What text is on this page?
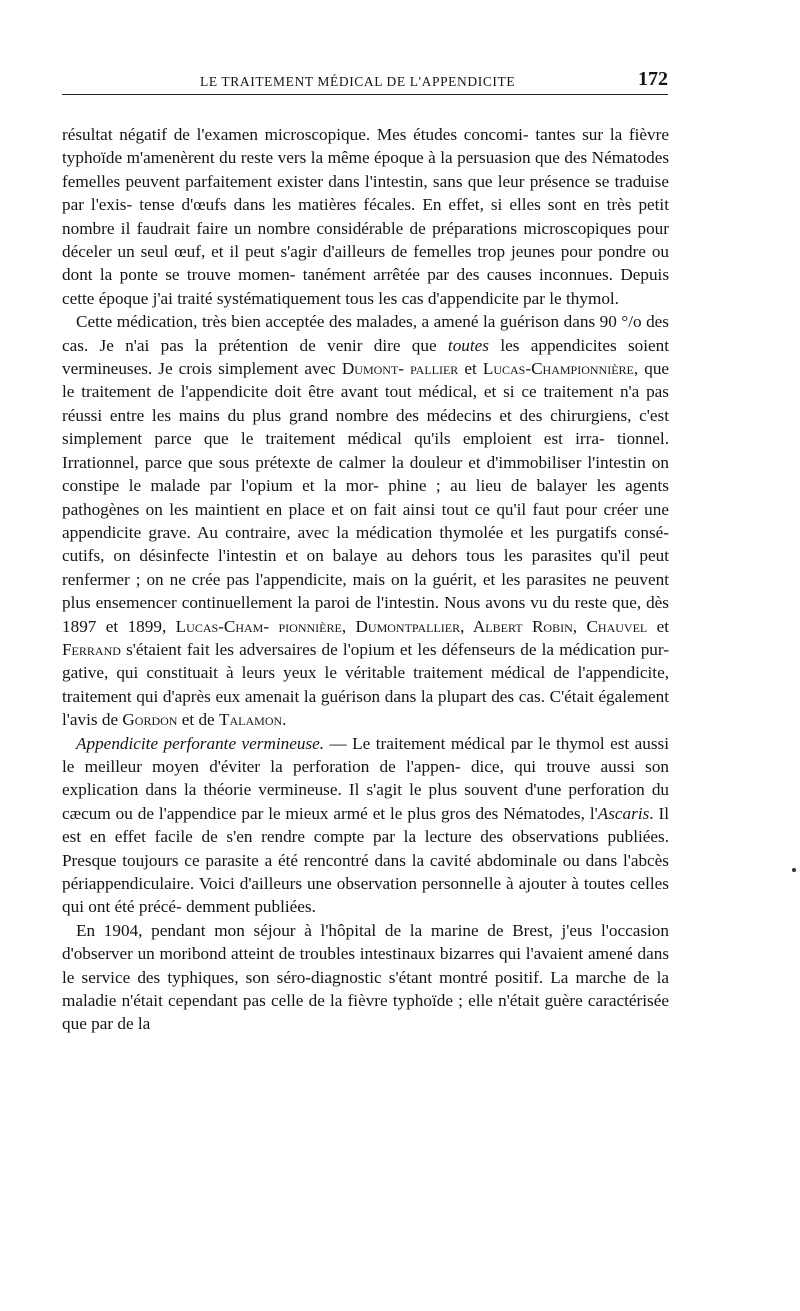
LE TRAITEMENT MÉDICAL DE L'APPENDICITE	172

résultat négatif de l'examen microscopique. Mes études concomi- tantes sur la fièvre typhoïde m'amenèrent du reste vers la même époque à la persuasion que des Nématodes femelles peuvent parfaitement exister dans l'intestin, sans que leur présence se traduise par l'exis- tense d'œufs dans les matières fécales. En effet, si elles sont en très petit nombre il faudrait faire un nombre considérable de préparations microscopiques pour déceler un seul œuf, et il peut s'agir d'ailleurs de femelles trop jeunes pour pondre ou dont la ponte se trouve momen- tanément arrêtée par des causes inconnues. Depuis cette époque j'ai traité systématiquement tous les cas d'appendicite par le thymol.

Cette médication, très bien acceptée des malades, a amené la guérison dans 90 °/o des cas. Je n'ai pas la prétention de venir dire que toutes les appendicites soient vermineuses. Je crois simplement avec Dumont- pallier et Lucas-Championnière, que le traitement de l'appendicite doit être avant tout médical, et si ce traitement n'a pas réussi entre les mains du plus grand nombre des médecins et des chirurgiens, c'est simplement parce que le traitement médical qu'ils emploient est irra- tionnel. Irrationnel, parce que sous prétexte de calmer la douleur et d'immobiliser l'intestin on constipe le malade par l'opium et la mor- phine ; au lieu de balayer les agents pathogènes on les maintient en place et on fait ainsi tout ce qu'il faut pour créer une appendicite grave. Au contraire, avec la médication thymolée et les purgatifs consé- cutifs, on désinfecte l'intestin et on balaye au dehors tous les parasites qu'il peut renfermer ; on ne crée pas l'appendicite, mais on la guérit, et les parasites ne peuvent plus ensemencer continuellement la paroi de l'intestin. Nous avons vu du reste que, dès 1897 et 1899, Lucas-Cham- pionnière, Dumontpallier, Albert Robin, Chauvel et Ferrand s'étaient fait les adversaires de l'opium et les défenseurs de la médication pur- gative, qui constituait à leurs yeux le véritable traitement médical de l'appendicite, traitement qui d'après eux amenait la guérison dans la plupart des cas. C'était également l'avis de Gordon et de Talamon.

Appendicite perforante vermineuse. — Le traitement médical par le thymol est aussi le meilleur moyen d'éviter la perforation de l'appen- dice, qui trouve aussi son explication dans la théorie vermineuse. Il s'agit le plus souvent d'une perforation du cæcum ou de l'appendice par le mieux armé et le plus gros des Nématodes, l'Ascaris. Il est en effet facile de s'en rendre compte par la lecture des observations publiées. Presque toujours ce parasite a été rencontré dans la cavité abdominale ou dans l'abcès périappendiculaire. Voici d'ailleurs une observation personnelle à ajouter à toutes celles qui ont été précé- demment publiées.

En 1904, pendant mon séjour à l'hôpital de la marine de Brest, j'eus l'occasion d'observer un moribond atteint de troubles intestinaux bizarres qui l'avaient amené dans le service des typhiques, son séro-diagnostic s'étant montré positif. La marche de la maladie n'était cependant pas celle de la fièvre typhoïde ; elle n'était guère caractérisée que par de la
